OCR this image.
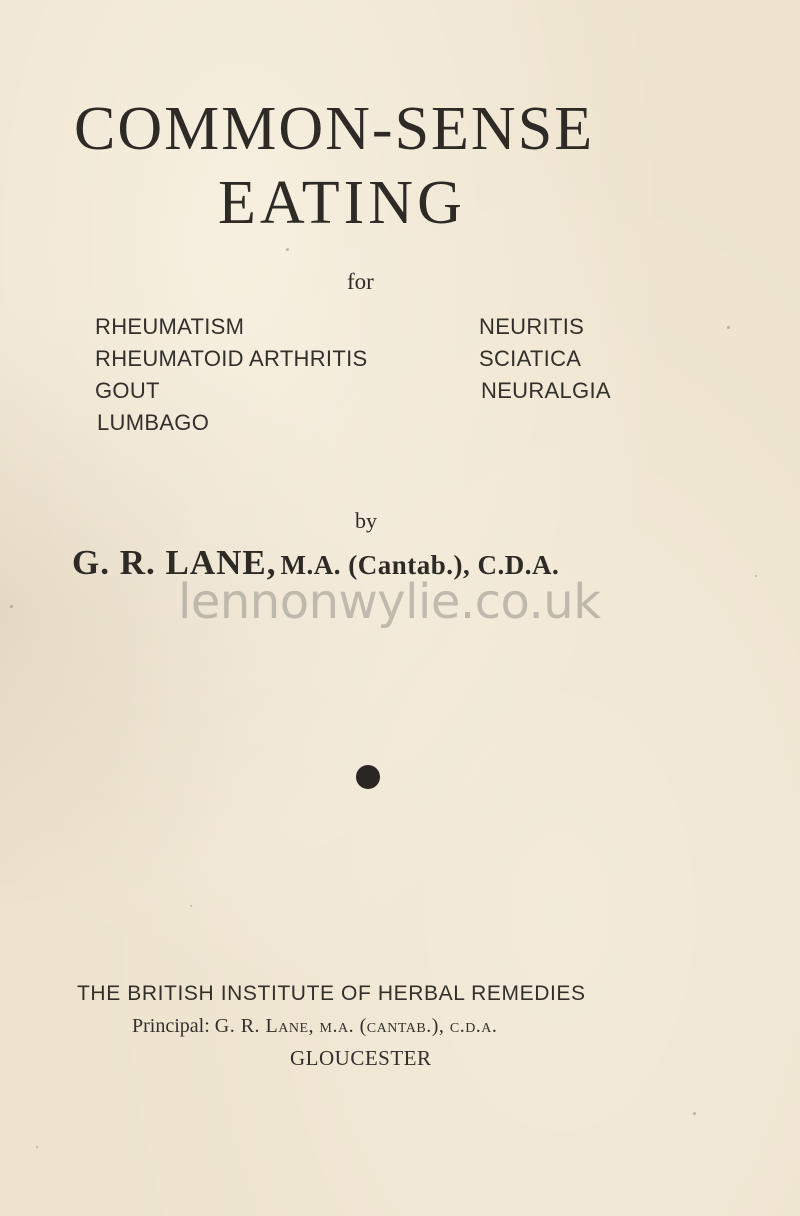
COMMON-SENSE
EATING
for
RHEUMATISM
RHEUMATOID ARTHRITIS
GOUT
LUMBAGO
NEURITIS
SCIATICA
NEURALGIA
by
G. R. LANE, M.A. (Cantab.), C.D.A.
lennonwylie.co.uk
THE BRITISH INSTITUTE OF HERBAL REMEDIES
Principal: G. R. Lane, m.a. (cantab.), c.d.a.
GLOUCESTER
